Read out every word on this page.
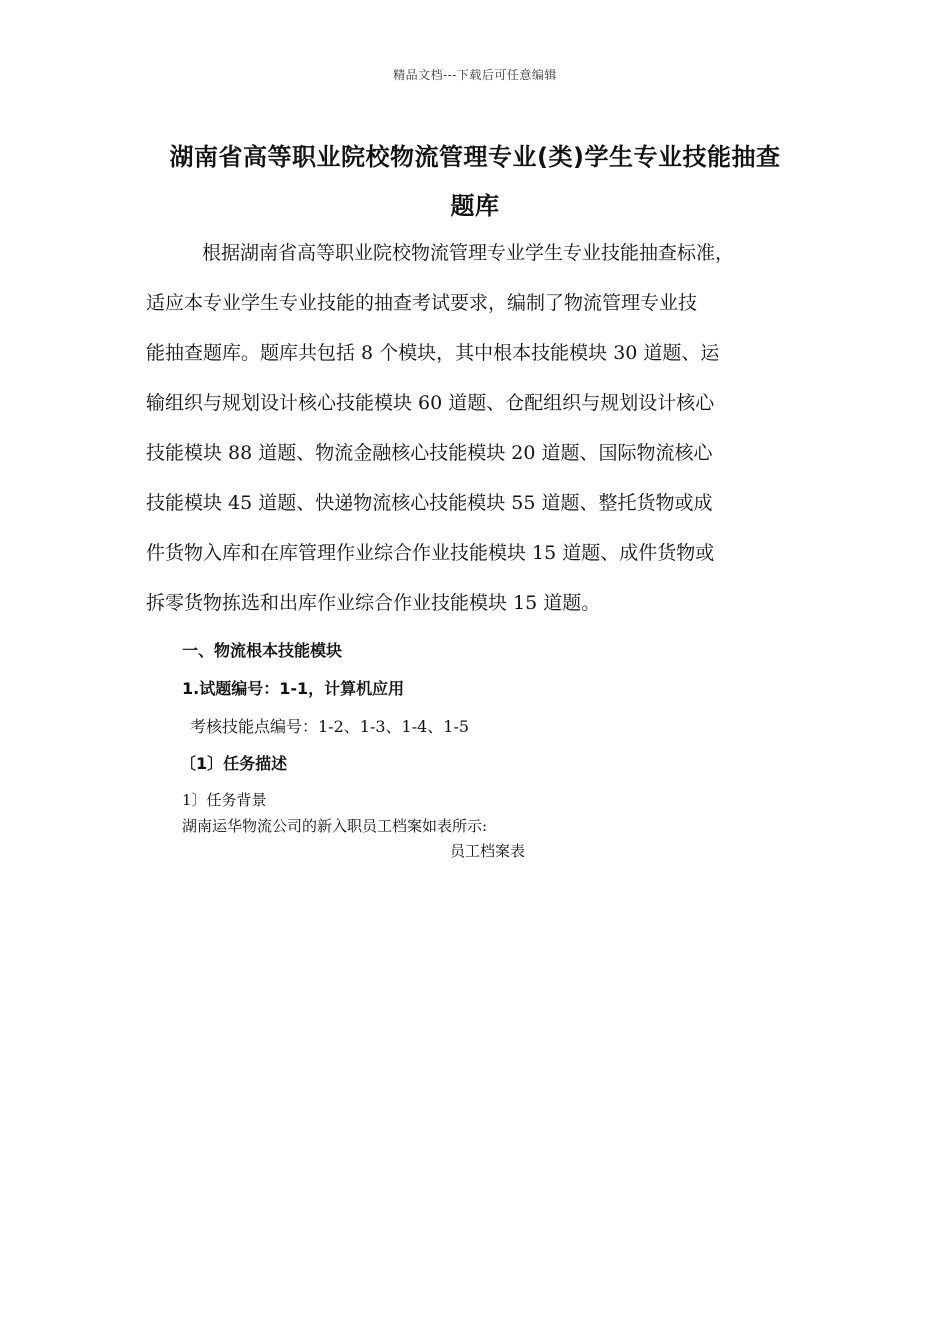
精品文档---下载后可任意编辑
湖南省高等职业院校物流管理专业(类)学生专业技能抽查
题库
根据湖南省高等职业院校物流管理专业学生专业技能抽查标准，
适应本专业学生专业技能的抽查考试要求，编制了物流管理专业技
能抽查题库。题库共包括 8 个模块，其中根本技能模块 30 道题、运
输组织与规划设计核心技能模块 60 道题、仓配组织与规划设计核心
技能模块 88 道题、物流金融核心技能模块 20 道题、国际物流核心
技能模块 45 道题、快递物流核心技能模块 55 道题、整托货物或成
件货物入库和在库管理作业综合作业技能模块 15 道题、成件货物或
拆零货物拣选和出库作业综合作业技能模块 15 道题。
一、物流根本技能模块
1.试题编号：1-1，计算机应用
考核技能点编号：1-2、1-3、1-4、1-5
〔1〕任务描述
1〕任务背景
湖南运华物流公司的新入职员工档案如表所示:
员工档案表
